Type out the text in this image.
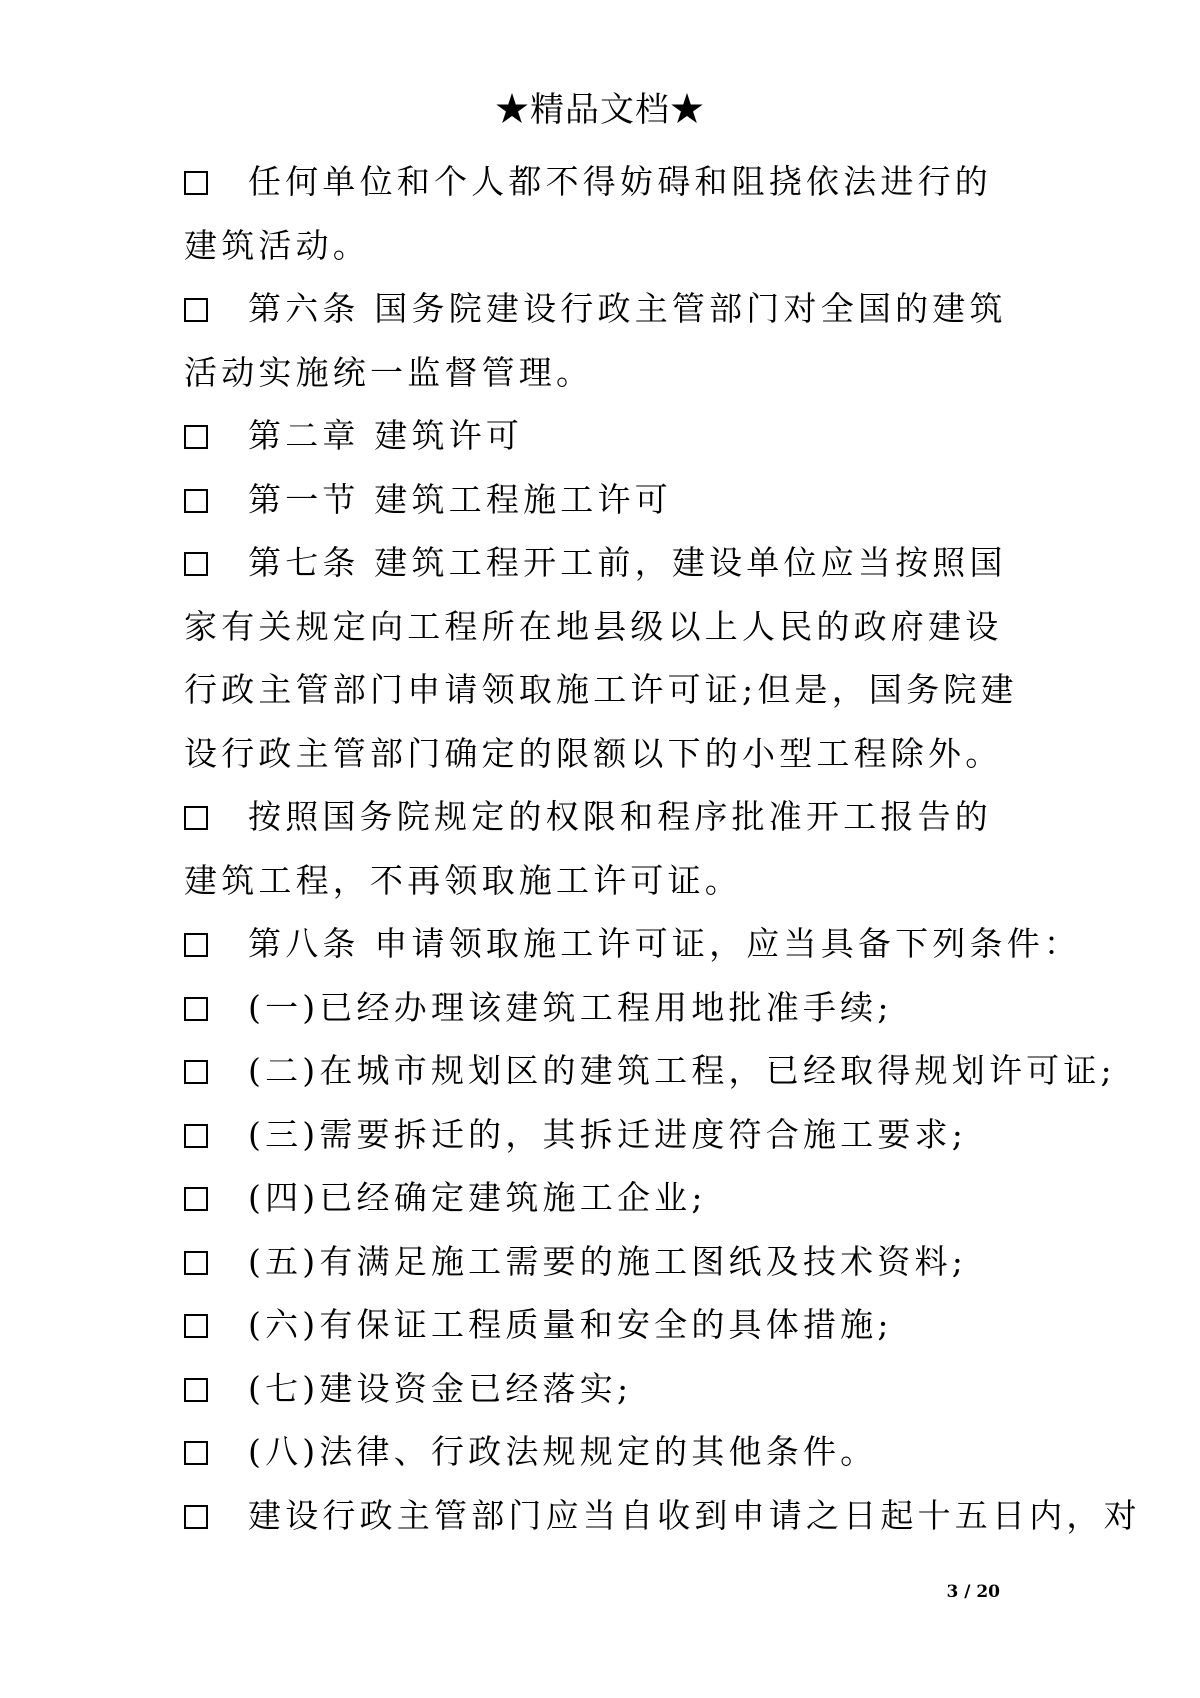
★精品文档★

任何单位和个人都不得妨碍和阻挠依法进行的建筑活动。

第六条 国务院建设行政主管部门对全国的建筑活动实施统一监督管理。

第二章 建筑许可

第一节 建筑工程施工许可

第七条 建筑工程开工前，建设单位应当按照国家有关规定向工程所在地县级以上人民的政府建设行政主管部门申请领取施工许可证;但是，国务院建设行政主管部门确定的限额以下的小型工程除外。

按照国务院规定的权限和程序批准开工报告的建筑工程，不再领取施工许可证。

第八条 申请领取施工许可证，应当具备下列条件：

(一)已经办理该建筑工程用地批准手续;

(二)在城市规划区的建筑工程，已经取得规划许可证;

(三)需要拆迁的，其拆迁进度符合施工要求;

(四)已经确定建筑施工企业;

(五)有满足施工需要的施工图纸及技术资料;

(六)有保证工程质量和安全的具体措施;

(七)建设资金已经落实;

(八)法律、行政法规规定的其他条件。

建设行政主管部门应当自收到申请之日起十五日内，对

3 / 20
